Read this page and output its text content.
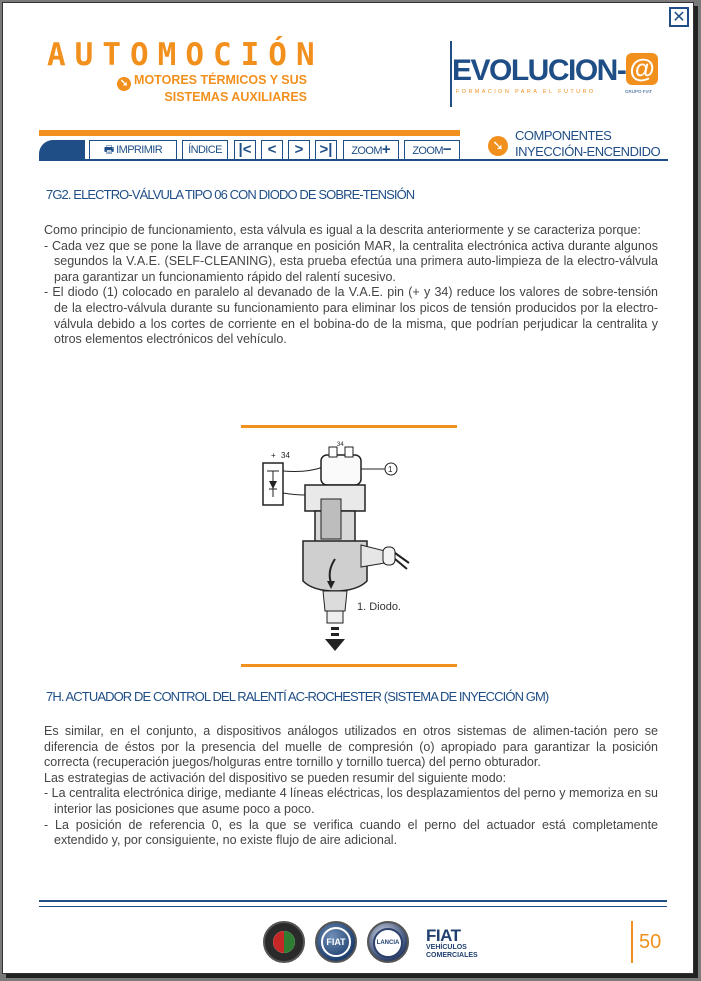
✕
AUTOMOCIÓN
➘ MOTORES TÉRMICOS Y SUS
SISTEMAS AUXILIARES
EVOLUCION- @
FORMACION PARA EL FUTURO	GRUPO FIAT
🖶 IMPRIMIR	ÍNDICE	|<	<	>	>|	ZOOM+	ZOOM−	➘
COMPONENTES
INYECCIÓN-ENCENDIDO
7G2. ELECTRO-VÁLVULA TIPO 06 CON DIODO DE SOBRE-TENSIÓN

Como principio de funcionamiento, esta válvula es igual a la descrita anteriormente y se caracteriza porque:

- Cada vez que se pone la llave de arranque en posición MAR, la centralita electrónica activa durante algunos segundos la V.A.E. (SELF-CLEANING), esta prueba efectúa una primera auto-limpieza de la electro-válvula para garantizar un funcionamiento rápido del ralentí sucesivo.

- El diodo (1) colocado en paralelo al devanado de la V.A.E. pin (+ y 34) reduce los valores de sobre-tensión de la electro-válvula durante su funcionamiento para eliminar los picos de tensión producidos por la electro-válvula debido a los cortes de corriente en el bobina-do de la misma, que podrían perjudicar la centralita y otros elementos electrónicos del vehículo.

+ 34
34
1
1. Diodo.
7H. ACTUADOR DE CONTROL DEL RALENTÍ AC-ROCHESTER (SISTEMA DE INYECCIÓN GM)

Es similar, en el conjunto, a dispositivos análogos utilizados en otros sistemas de alimen-tación pero se diferencia de éstos por la presencia del muelle de compresión (o) apropiado para garantizar la posición correcta (recuperación juegos/holguras entre tornillo y tornillo tuerca) del perno obturador.

Las estrategias de activación del dispositivo se pueden resumir del siguiente modo:

- La centralita electrónica dirige, mediante 4 líneas eléctricas, los desplazamientos del perno y memoriza en su interior las posiciones que asume poco a poco.

- La posición de referencia 0, es la que se verifica cuando el perno del actuador está completamente extendido y, por consiguiente, no existe flujo de aire adicional.

FIAT	LANCIA	FIAT
VEHÍCULOS
COMERCIALES
50
